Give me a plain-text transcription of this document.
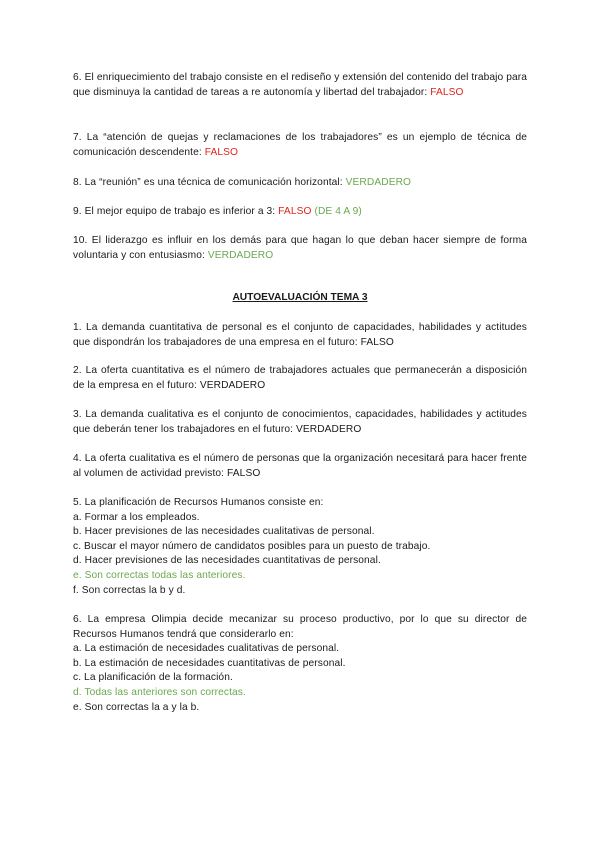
6. El enriquecimiento del trabajo consiste en el rediseño y extensión del contenido del trabajo para que disminuya la cantidad de tareas a re autonomía y libertad del trabajador: FALSO

7. La “atención de quejas y reclamaciones de los trabajadores” es un ejemplo de técnica de comunicación descendente: FALSO

8. La “reunión” es una técnica de comunicación horizontal: VERDADERO

9. El mejor equipo de trabajo es inferior a 3: FALSO (DE 4 A 9)

10. El liderazgo es influir en los demás para que hagan lo que deban hacer siempre de forma voluntaria y con entusiasmo: VERDADERO

AUTOEVALUACIÓN TEMA 3

1. La demanda cuantitativa de personal es el conjunto de capacidades, habilidades y actitudes que dispondrán los trabajadores de una empresa en el futuro: FALSO

2. La oferta cuantitativa es el número de trabajadores actuales que permanecerán a disposición de la empresa en el futuro: VERDADERO

3. La demanda cualitativa es el conjunto de conocimientos, capacidades, habilidades y actitudes que deberán tener los trabajadores en el futuro: VERDADERO

4. La oferta cualitativa es el número de personas que la organización necesitará para hacer frente al volumen de actividad previsto: FALSO

5. La planificación de Recursos Humanos consiste en:

a. Formar a los empleados.

b. Hacer previsiones de las necesidades cualitativas de personal.

c. Buscar el mayor número de candidatos posibles para un puesto de trabajo.

d. Hacer previsiones de las necesidades cuantitativas de personal.

e. Son correctas todas las anteriores.

f. Son correctas la b y d.

6. La empresa Olimpia decide mecanizar su proceso productivo, por lo que su director de Recursos Humanos tendrá que considerarlo en:

a. La estimación de necesidades cualitativas de personal.

b. La estimación de necesidades cuantitativas de personal.

c. La planificación de la formación.

d. Todas las anteriores son correctas.

e. Son correctas la a y la b.
